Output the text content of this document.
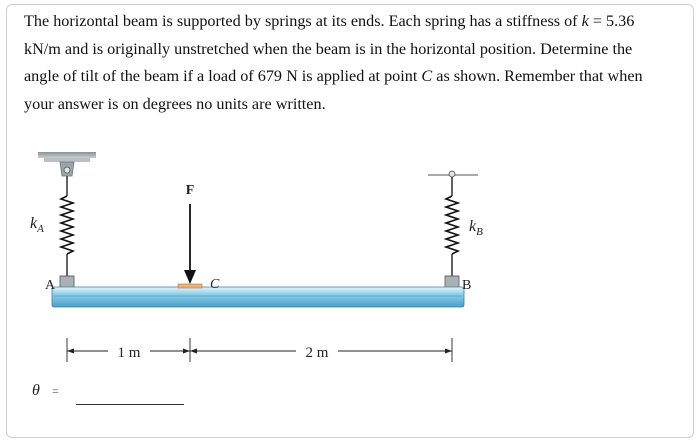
The horizontal beam is supported by springs at its ends. Each spring has a stiffness of k = 5.36 kN/m and is originally unstretched when the beam is in the horizontal position. Determine the angle of tilt of the beam if a load of 679 N is applied at point C as shown. Remember that when your answer is on degrees no units are written.

F
$k_A$	$k_B$
A	B
C
1 m	2 m
θ =
